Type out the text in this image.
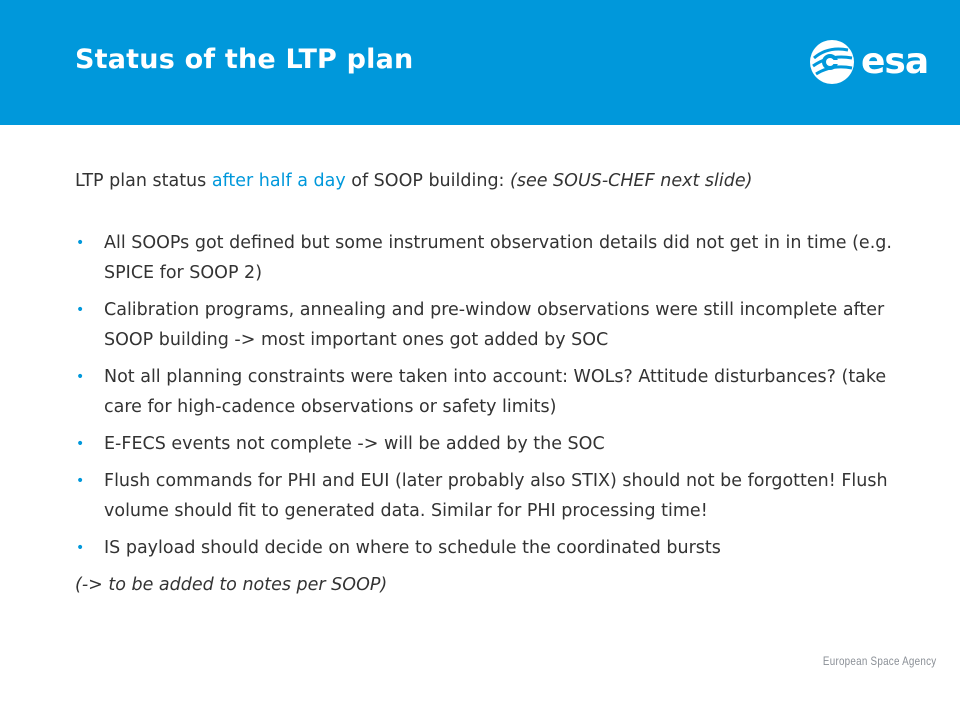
Status of the LTP plan	esa

LTP plan status after half a day of SOOP building: (see SOUS-CHEF next slide)

• All SOOPs got defined but some instrument observation details did not get in in time (e.g. SPICE for SOOP 2)
• Calibration programs, annealing and pre-window observations were still incomplete after SOOP building -> most important ones got added by SOC
• Not all planning constraints were taken into account: WOLs? Attitude disturbances? (take care for high-cadence observations or safety limits)
• E-FECS events not complete -> will be added by the SOC
• Flush commands for PHI and EUI (later probably also STIX) should not be forgotten! Flush volume should fit to generated data. Similar for PHI processing time!
• IS payload should decide on where to schedule the coordinated bursts

(-> to be added to notes per SOOP)

European Space Agency
